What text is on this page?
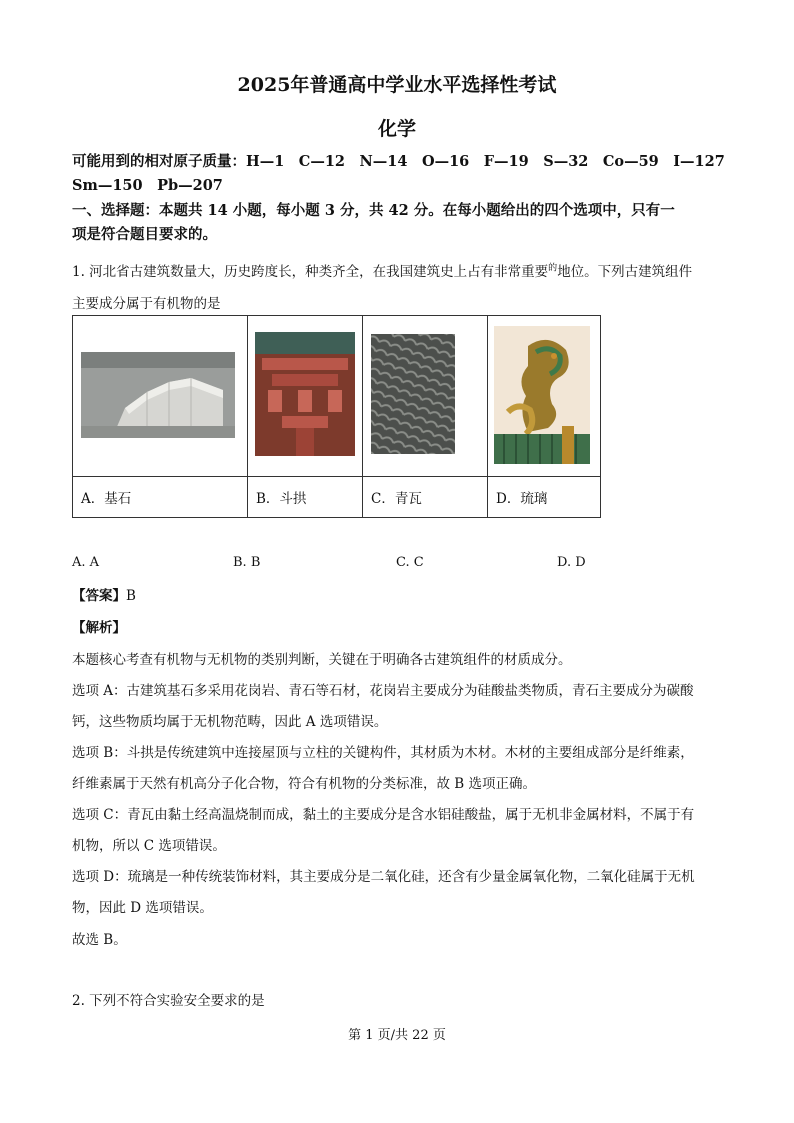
2025年普通高中学业水平选择性考试
化学
可能用到的相对原子质量：H—1　C—12　N—14　O—16　F—19　S—32　Co—59　I—127
Sm—150　Pb—207
一、选择题：本题共 14 小题，每小题 3 分，共 42 分。在每小题给出的四个选项中，只有一
项是符合题目要求的。
1. 河北省古建筑数量大，历史跨度长，种类齐全，在我国建筑史上占有非常重要$^的$地位。下列古建筑组件
主要成分属于有机物的是

A．基石	B．斗拱	C．青瓦	D．琉璃
A. A	B. B	C. C	D. D
【答案】B
【解析】
本题核心考查有机物与无机物的类别判断，关键在于明确各古建筑组件的材质成分。
选项 A：古建筑基石多采用花岗岩、青石等石材，花岗岩主要成分为硅酸盐类物质，青石主要成分为碳酸
钙，这些物质均属于无机物范畴，因此 A 选项错误。
选项 B：斗拱是传统建筑中连接屋顶与立柱的关键构件，其材质为木材。木材的主要组成部分是纤维素，
纤维素属于天然有机高分子化合物，符合有机物的分类标准，故 B 选项正确。
选项 C：青瓦由黏土经高温烧制而成，黏土的主要成分是含水铝硅酸盐，属于无机非金属材料，不属于有
机物，所以 C 选项错误。
选项 D：琉璃是一种传统装饰材料，其主要成分是二氧化硅，还含有少量金属氧化物，二氧化硅属于无机
物，因此 D 选项错误。
故选 B。
2. 下列不符合实验安全要求的是
第 1 页/共 22 页
